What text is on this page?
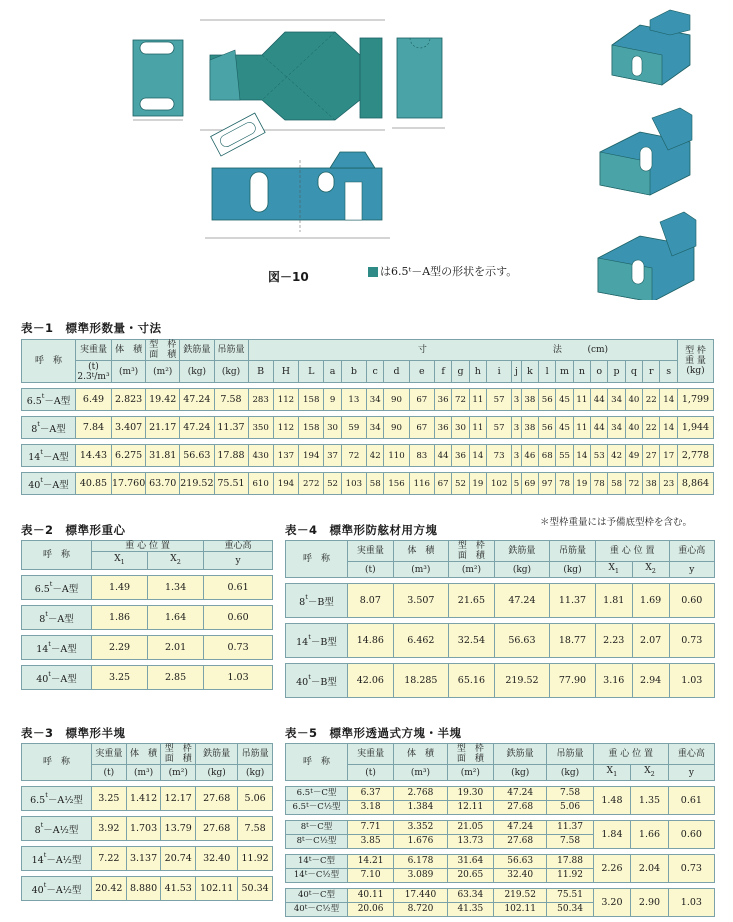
図－10	は6.5ᵗ－A型の形状を示す。
表－1　標準形数量・寸法
呼　称	実重量	体　積	型　枠
面　積	鉄筋量	吊筋量	寸 法 (cm)																						型 枠
重 量
(kg)
	(t)
2.3$^t$/m³	(m³)	(m²)	(kg)	(kg)	B	H	L	a	b	c	d	e	f	g	h	i	j	k	l	m	n	o	p	q	r	s	

$6.5^t-A$型	6.49	2.823	19.42	47.24	7.58	283	112	158	9	13	34	90	67	36	72	11	57	3	38	56	45	11	44	34	40	22	14	1,799

$8^t-A$型	7.84	3.407	21.17	47.24	11.37	350	112	158	30	59	34	90	67	36	30	11	57	3	38	56	45	11	44	34	40	22	14	1,944

$14^t-A$型	14.43	6.275	31.81	56.63	17.88	430	137	194	37	72	42	110	83	44	36	14	73	3	46	68	55	14	53	42	49	27	17	2,778

$40^t-A$型	40.85	17.760	63.70	219.52	75.51	610	194	272	52	103	58	156	116	67	52	19	102	5	69	97	78	19	78	58	72	38	23	8,864
＊型枠重量には予備底型枠を含む。
表－2　標準形重心
呼　称	重 心 位 置		重心高
	$X_1$	$X_2$	y

$6.5^t-A$型	1.49	1.34	0.61

$8^t-A$型	1.86	1.64	0.60

$14^t-A$型	2.29	2.01	0.73

$40^t-A$型	3.25	2.85	1.03
表－4　標準形防舷材用方塊
呼　称	実重量	体　積	型　枠
面　積	鉄筋量	吊筋量	重 心 位 置		重心高
	(t)	(m³)	(m²)	(kg)	(kg)	$X_1$	$X_2$	y

$8^t-B$型	8.07	3.507	21.65	47.24	11.37	1.81	1.69	0.60

$14^t-B$型	14.86	6.462	32.54	56.63	18.77	2.23	2.07	0.73

$40^t-B$型	42.06	18.285	65.16	219.52	77.90	3.16	2.94	1.03
表－3　標準形半塊
呼　称	実重量	体　積	型　枠
面　積	鉄筋量	吊筋量
	(t)	(m³)	(m²)	(kg)	(kg)

$6.5^t-A\frac{1}{2}$型	3.25	1.412	12.17	27.68	5.06

$8^t-A\frac{1}{2}$型	3.92	1.703	13.79	27.68	7.58

$14^t-A\frac{1}{2}$型	7.22	3.137	20.74	32.40	11.92

$40^t-A\frac{1}{2}$型	20.42	8.880	41.53	102.11	50.34
表－5　標準形透過式方塊・半塊
呼　称	実重量	体　積	型　枠
面　積	鉄筋量	吊筋量	重 心 位 置		重心高
	(t)	(m³)	(m²)	(kg)	(kg)	$X_1$	$X_2$	y

$6.5^t-C$型	6.37	2.768	19.30	47.24	7.58	1.48	1.35	0.61
$6.5^t-C\frac{1}{2}$型	3.18	1.384	12.11	27.68	5.06			

$8^t-C$型	7.71	3.352	21.05	47.24	11.37	1.84	1.66	0.60
$8^t-C\frac{1}{2}$型	3.85	1.676	13.73	27.68	7.58			

$14^t-C$型	14.21	6.178	31.64	56.63	17.88	2.26	2.04	0.73
$14^t-C\frac{1}{2}$型	7.10	3.089	20.65	32.40	11.92			

$40^t-C$型	40.11	17.440	63.34	219.52	75.51	3.20	2.90	1.03
$40^t-C\frac{1}{2}$型	20.06	8.720	41.35	102.11	50.34			
